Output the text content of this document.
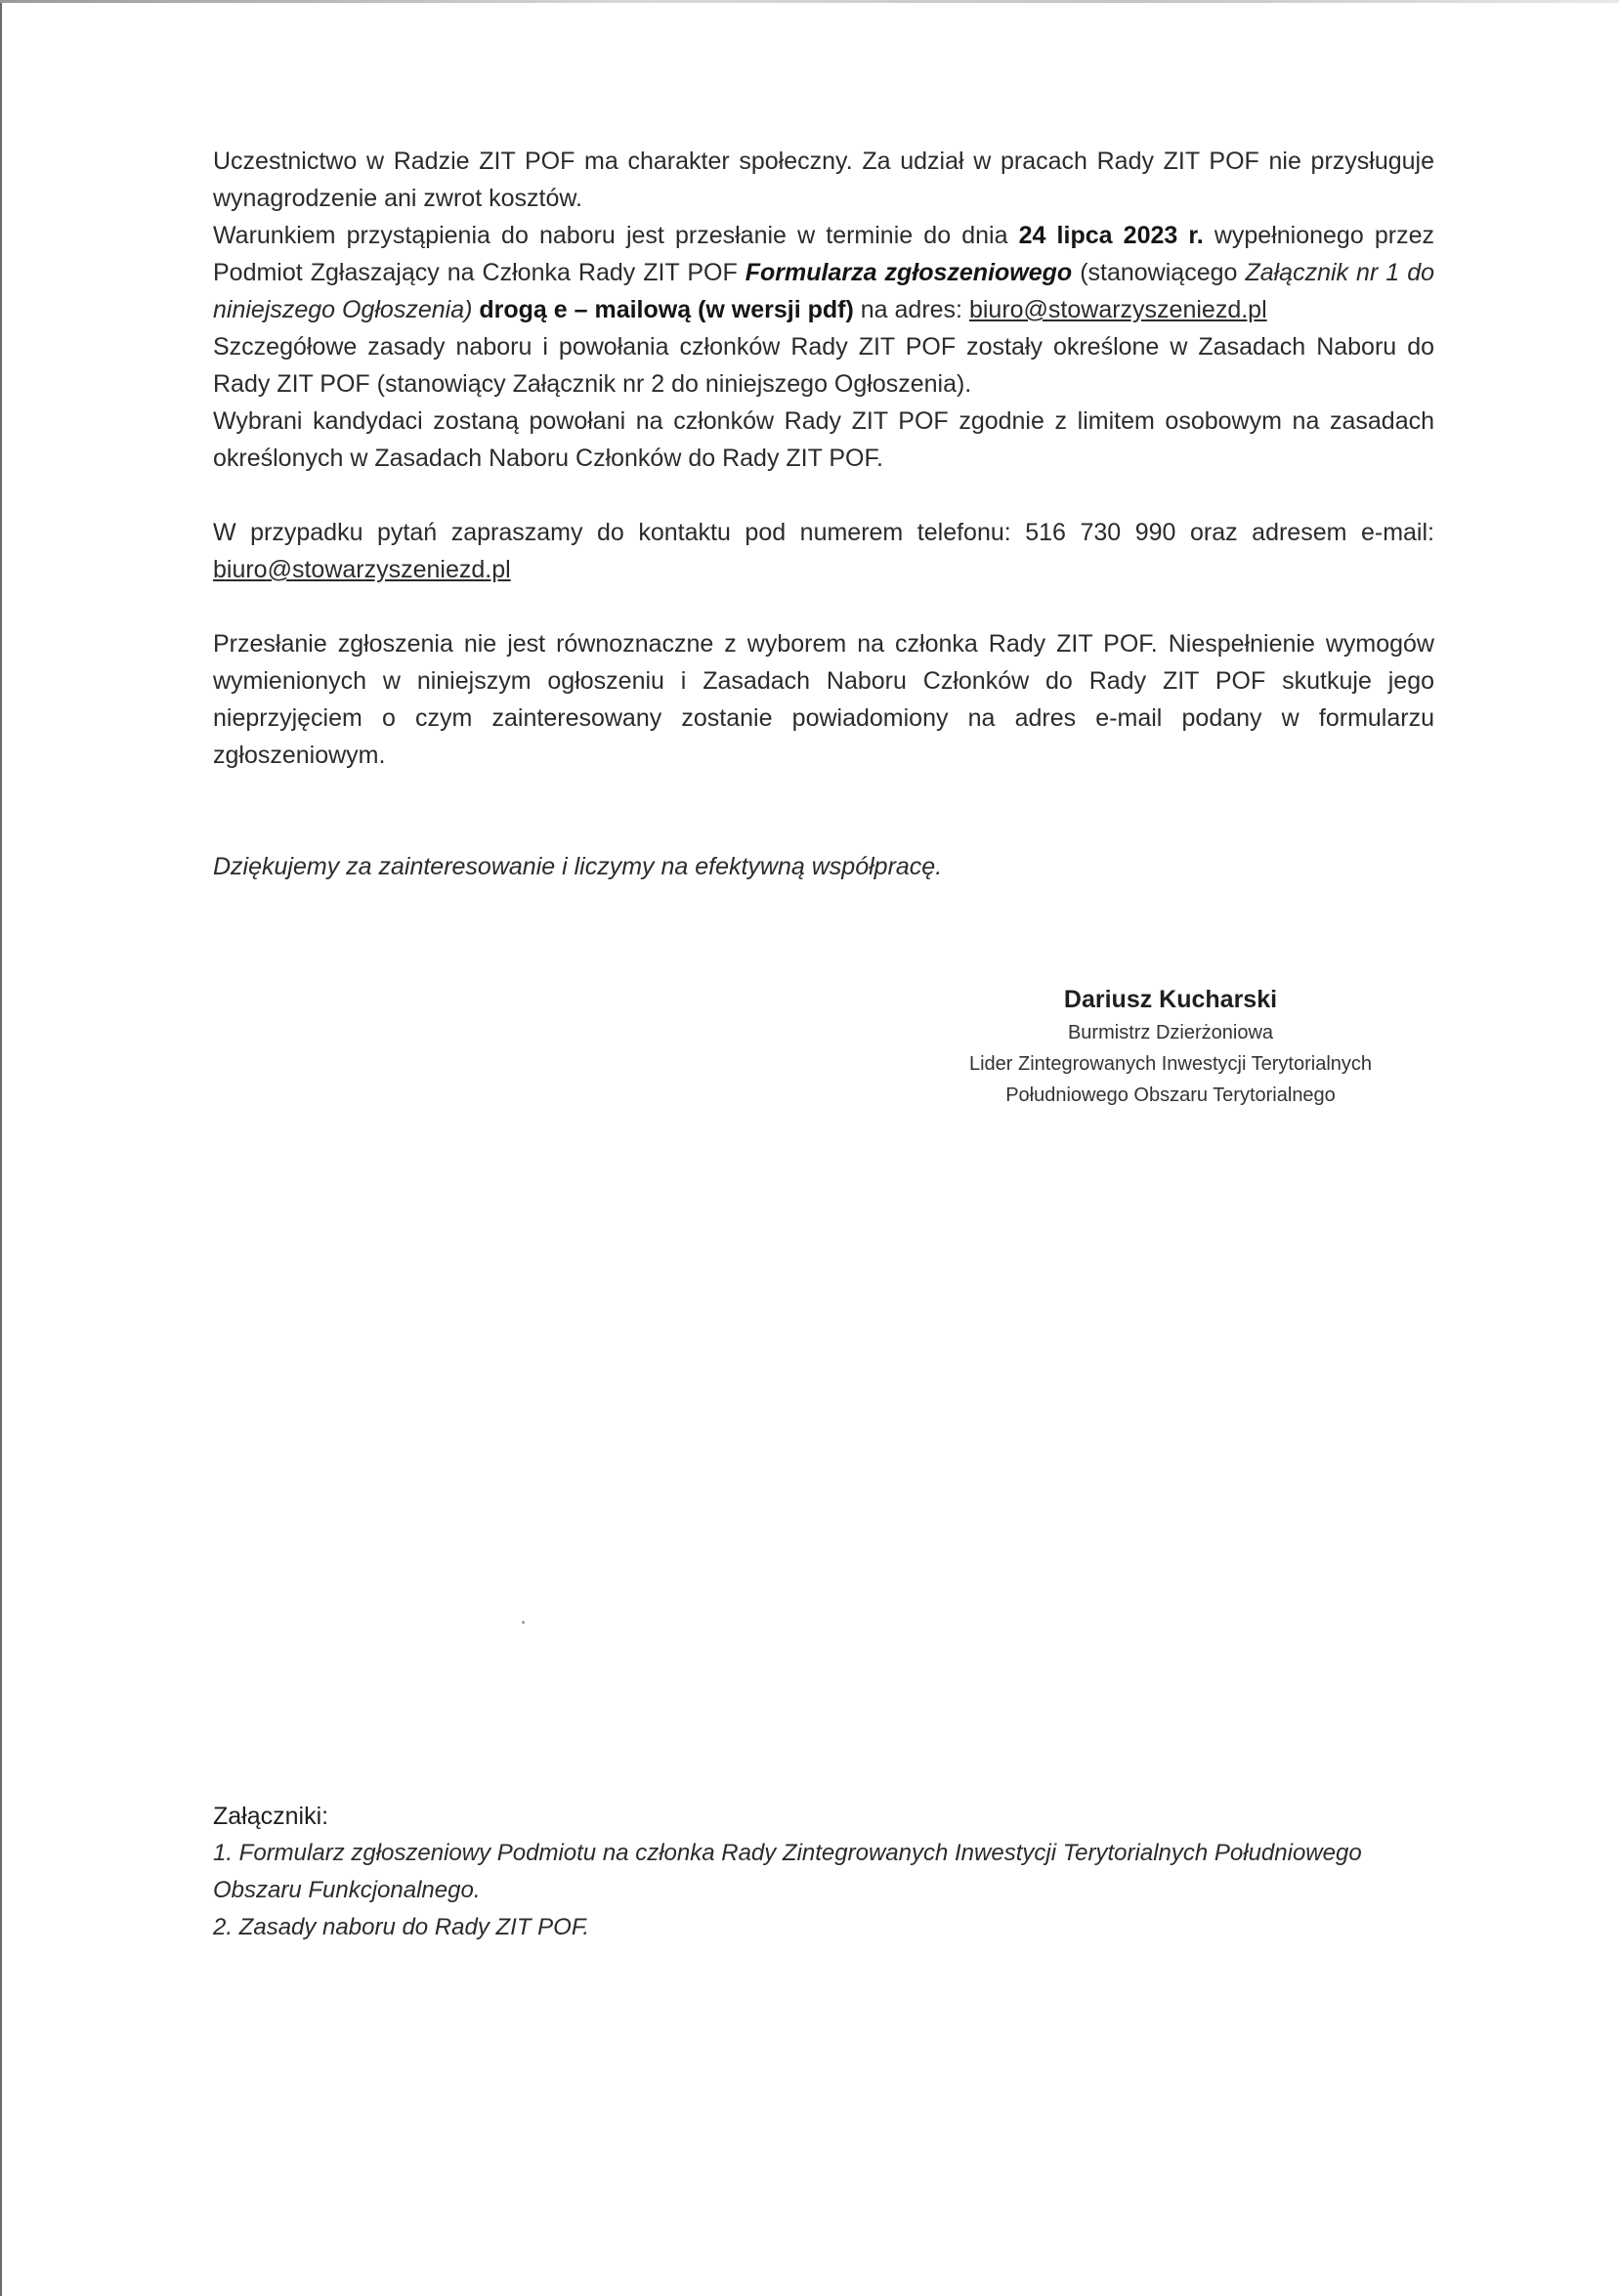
Uczestnictwo w Radzie ZIT POF ma charakter społeczny. Za udział w pracach Rady ZIT POF nie przysługuje wynagrodzenie ani zwrot kosztów.
Warunkiem przystąpienia do naboru jest przesłanie w terminie do dnia 24 lipca 2023 r. wypełnionego przez Podmiot Zgłaszający na Członka Rady ZIT POF Formularza zgłoszeniowego (stanowiącego Załącznik nr 1 do niniejszego Ogłoszenia) drogą e – mailową (w wersji pdf) na adres: biuro@stowarzyszeniezd.pl
Szczegółowe zasady naboru i powołania członków Rady ZIT POF zostały określone w Zasadach Naboru do Rady ZIT POF (stanowiący Załącznik nr 2 do niniejszego Ogłoszenia).
Wybrani kandydaci zostaną powołani na członków Rady ZIT POF zgodnie z limitem osobowym na zasadach określonych w Zasadach Naboru Członków do Rady ZIT POF.

W przypadku pytań zapraszamy do kontaktu pod numerem telefonu: 516 730 990 oraz adresem e-mail: biuro@stowarzyszeniezd.pl

Przesłanie zgłoszenia nie jest równoznaczne z wyborem na członka Rady ZIT POF. Niespełnienie wymogów wymienionych w niniejszym ogłoszeniu i Zasadach Naboru Członków do Rady ZIT POF skutkuje jego nieprzyjęciem o czym zainteresowany zostanie powiadomiony na adres e-mail podany w formularzu zgłoszeniowym.

Dziękujemy za zainteresowanie i liczymy na efektywną współpracę.

Dariusz Kucharski
Burmistrz Dzierżoniowa
Lider Zintegrowanych Inwestycji Terytorialnych
Południowego Obszaru Terytorialnego
Załączniki:
1. Formularz zgłoszeniowy Podmiotu na członka Rady Zintegrowanych Inwestycji Terytorialnych Południowego Obszaru Funkcjonalnego.
2. Zasady naboru do Rady ZIT POF.
